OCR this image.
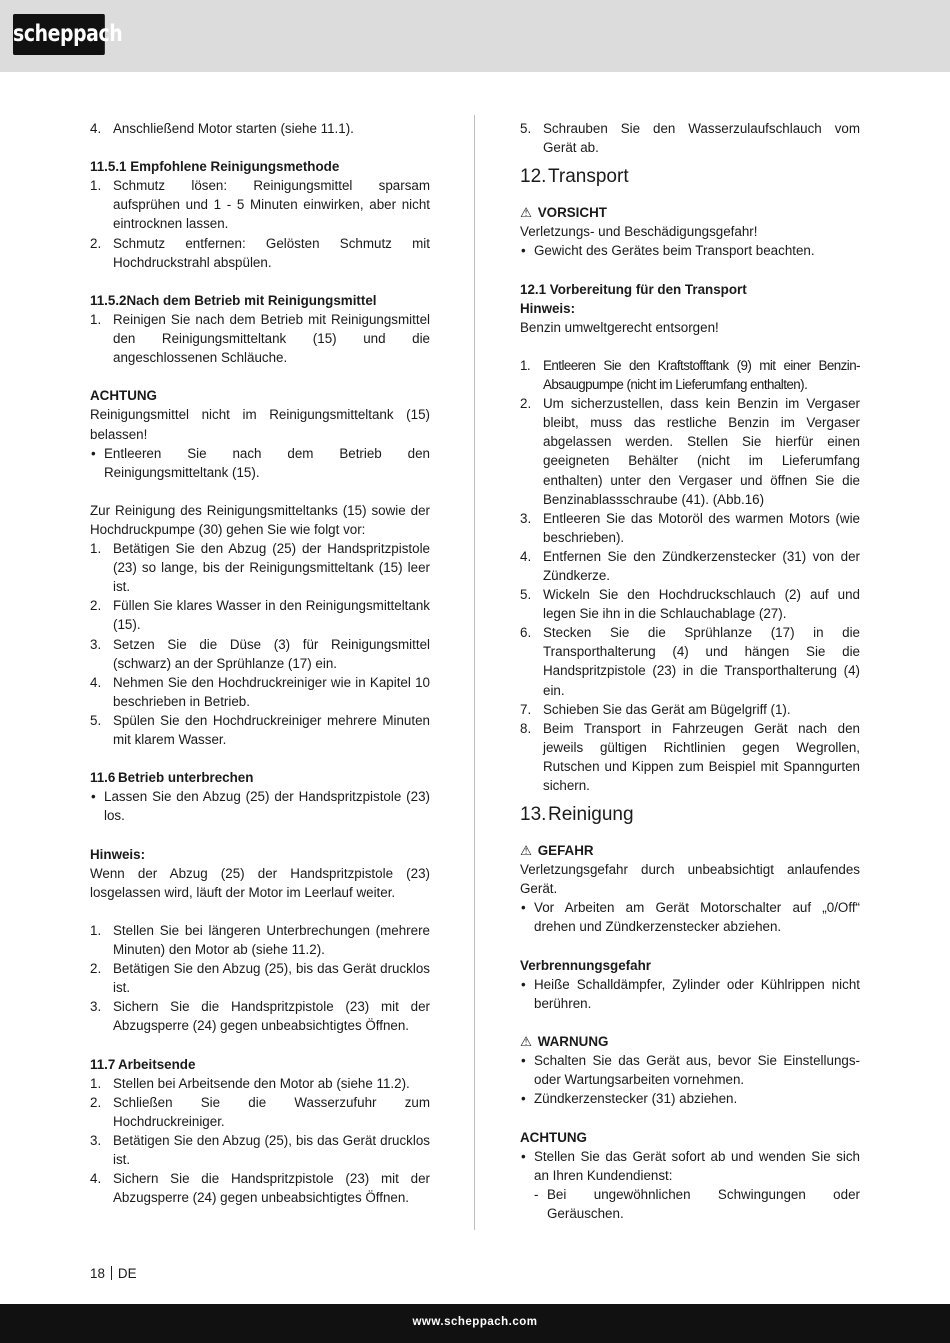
scheppach
4. Anschließend Motor starten (siehe 11.1).

11.5.1 Empfohlene Reinigungsmethode

1. Schmutz lösen: Reinigungsmittel sparsam aufsprühen und 1 - 5 Minuten einwirken, aber nicht eintrocknen lassen.
2. Schmutz entfernen: Gelösten Schmutz mit Hochdruckstrahl abspülen.

11.5.2Nach dem Betrieb mit Reinigungsmittel

1. Reinigen Sie nach dem Betrieb mit Reinigungsmittel den Reinigungsmitteltank (15) und die angeschlossenen Schläuche.

ACHTUNG

Reinigungsmittel nicht im Reinigungsmitteltank (15) belassen!

• Entleeren Sie nach dem Betrieb den Reinigungsmitteltank (15).

Zur Reinigung des Reinigungsmitteltanks (15) sowie der Hochdruckpumpe (30) gehen Sie wie folgt vor:

1. Betätigen Sie den Abzug (25) der Handspritzpistole (23) so lange, bis der Reinigungsmitteltank (15) leer ist.
2. Füllen Sie klares Wasser in den Reinigungsmitteltank (15).
3. Setzen Sie die Düse (3) für Reinigungsmittel (schwarz) an der Sprühlanze (17) ein.
4. Nehmen Sie den Hochdruckreiniger wie in Kapitel 10 beschrieben in Betrieb.
5. Spülen Sie den Hochdruckreiniger mehrere Minuten mit klarem Wasser.

11.6 Betrieb unterbrechen

• Lassen Sie den Abzug (25) der Handspritzpistole (23) los.

Hinweis:

Wenn der Abzug (25) der Handspritzpistole (23) losgelassen wird, läuft der Motor im Leerlauf weiter.

1. Stellen Sie bei längeren Unterbrechungen (mehrere Minuten) den Motor ab (siehe 11.2).
2. Betätigen Sie den Abzug (25), bis das Gerät drucklos ist.
3. Sichern Sie die Handspritzpistole (23) mit der Abzugsperre (24) gegen unbeabsichtigtes Öffnen.

11.7 Arbeitsende

1. Stellen bei Arbeitsende den Motor ab (siehe 11.2).
2. Schließen Sie die Wasserzufuhr zum Hochdruckreiniger.
3. Betätigen Sie den Abzug (25), bis das Gerät drucklos ist.
4. Sichern Sie die Handspritzpistole (23) mit der Abzugsperre (24) gegen unbeabsichtigtes Öffnen.
5. Schrauben Sie den Wasserzulaufschlauch vom Gerät ab.
12.Transport

⚠ VORSICHT

Verletzungs- und Beschädigungsgefahr!

• Gewicht des Gerätes beim Transport beachten.

12.1 Vorbereitung für den Transport

Hinweis:

Benzin umweltgerecht entsorgen!

1. Entleeren Sie den Kraftstofftank (9) mit einer Benzin-Absaugpumpe (nicht im Lieferumfang enthalten).
2. Um sicherzustellen, dass kein Benzin im Vergaser bleibt, muss das restliche Benzin im Vergaser abgelassen werden. Stellen Sie hierfür einen geeigneten Behälter (nicht im Lieferumfang enthalten) unter den Vergaser und öffnen Sie die Benzinablassschraube (41). (Abb.16)
3. Entleeren Sie das Motoröl des warmen Motors (wie beschrieben).
4. Entfernen Sie den Zündkerzenstecker (31) von der Zündkerze.
5. Wickeln Sie den Hochdruckschlauch (2) auf und legen Sie ihn in die Schlauchablage (27).
6. Stecken Sie die Sprühlanze (17) in die Transporthalterung (4) und hängen Sie die Handspritzpistole (23) in die Transporthalterung (4) ein.
7. Schieben Sie das Gerät am Bügelgriff (1).
8. Beim Transport in Fahrzeugen Gerät nach den jeweils gültigen Richtlinien gegen Wegrollen, Rutschen und Kippen zum Beispiel mit Spanngurten sichern.
13.Reinigung

⚠ GEFAHR

Verletzungsgefahr durch unbeabsichtigt anlaufendes Gerät.

• Vor Arbeiten am Gerät Motorschalter auf „0/Off“ drehen und Zündkerzenstecker abziehen.

Verbrennungsgefahr

• Heiße Schalldämpfer, Zylinder oder Kühlrippen nicht berühren.

⚠ WARNUNG

• Schalten Sie das Gerät aus, bevor Sie Einstellungs- oder Wartungsarbeiten vornehmen.
• Zündkerzenstecker (31) abziehen.

ACHTUNG

• Stellen Sie das Gerät sofort ab und wenden Sie sich an Ihren Kundendienst:
- Bei ungewöhnlichen Schwingungen oder Geräuschen.
18 DE
www.scheppach.com
